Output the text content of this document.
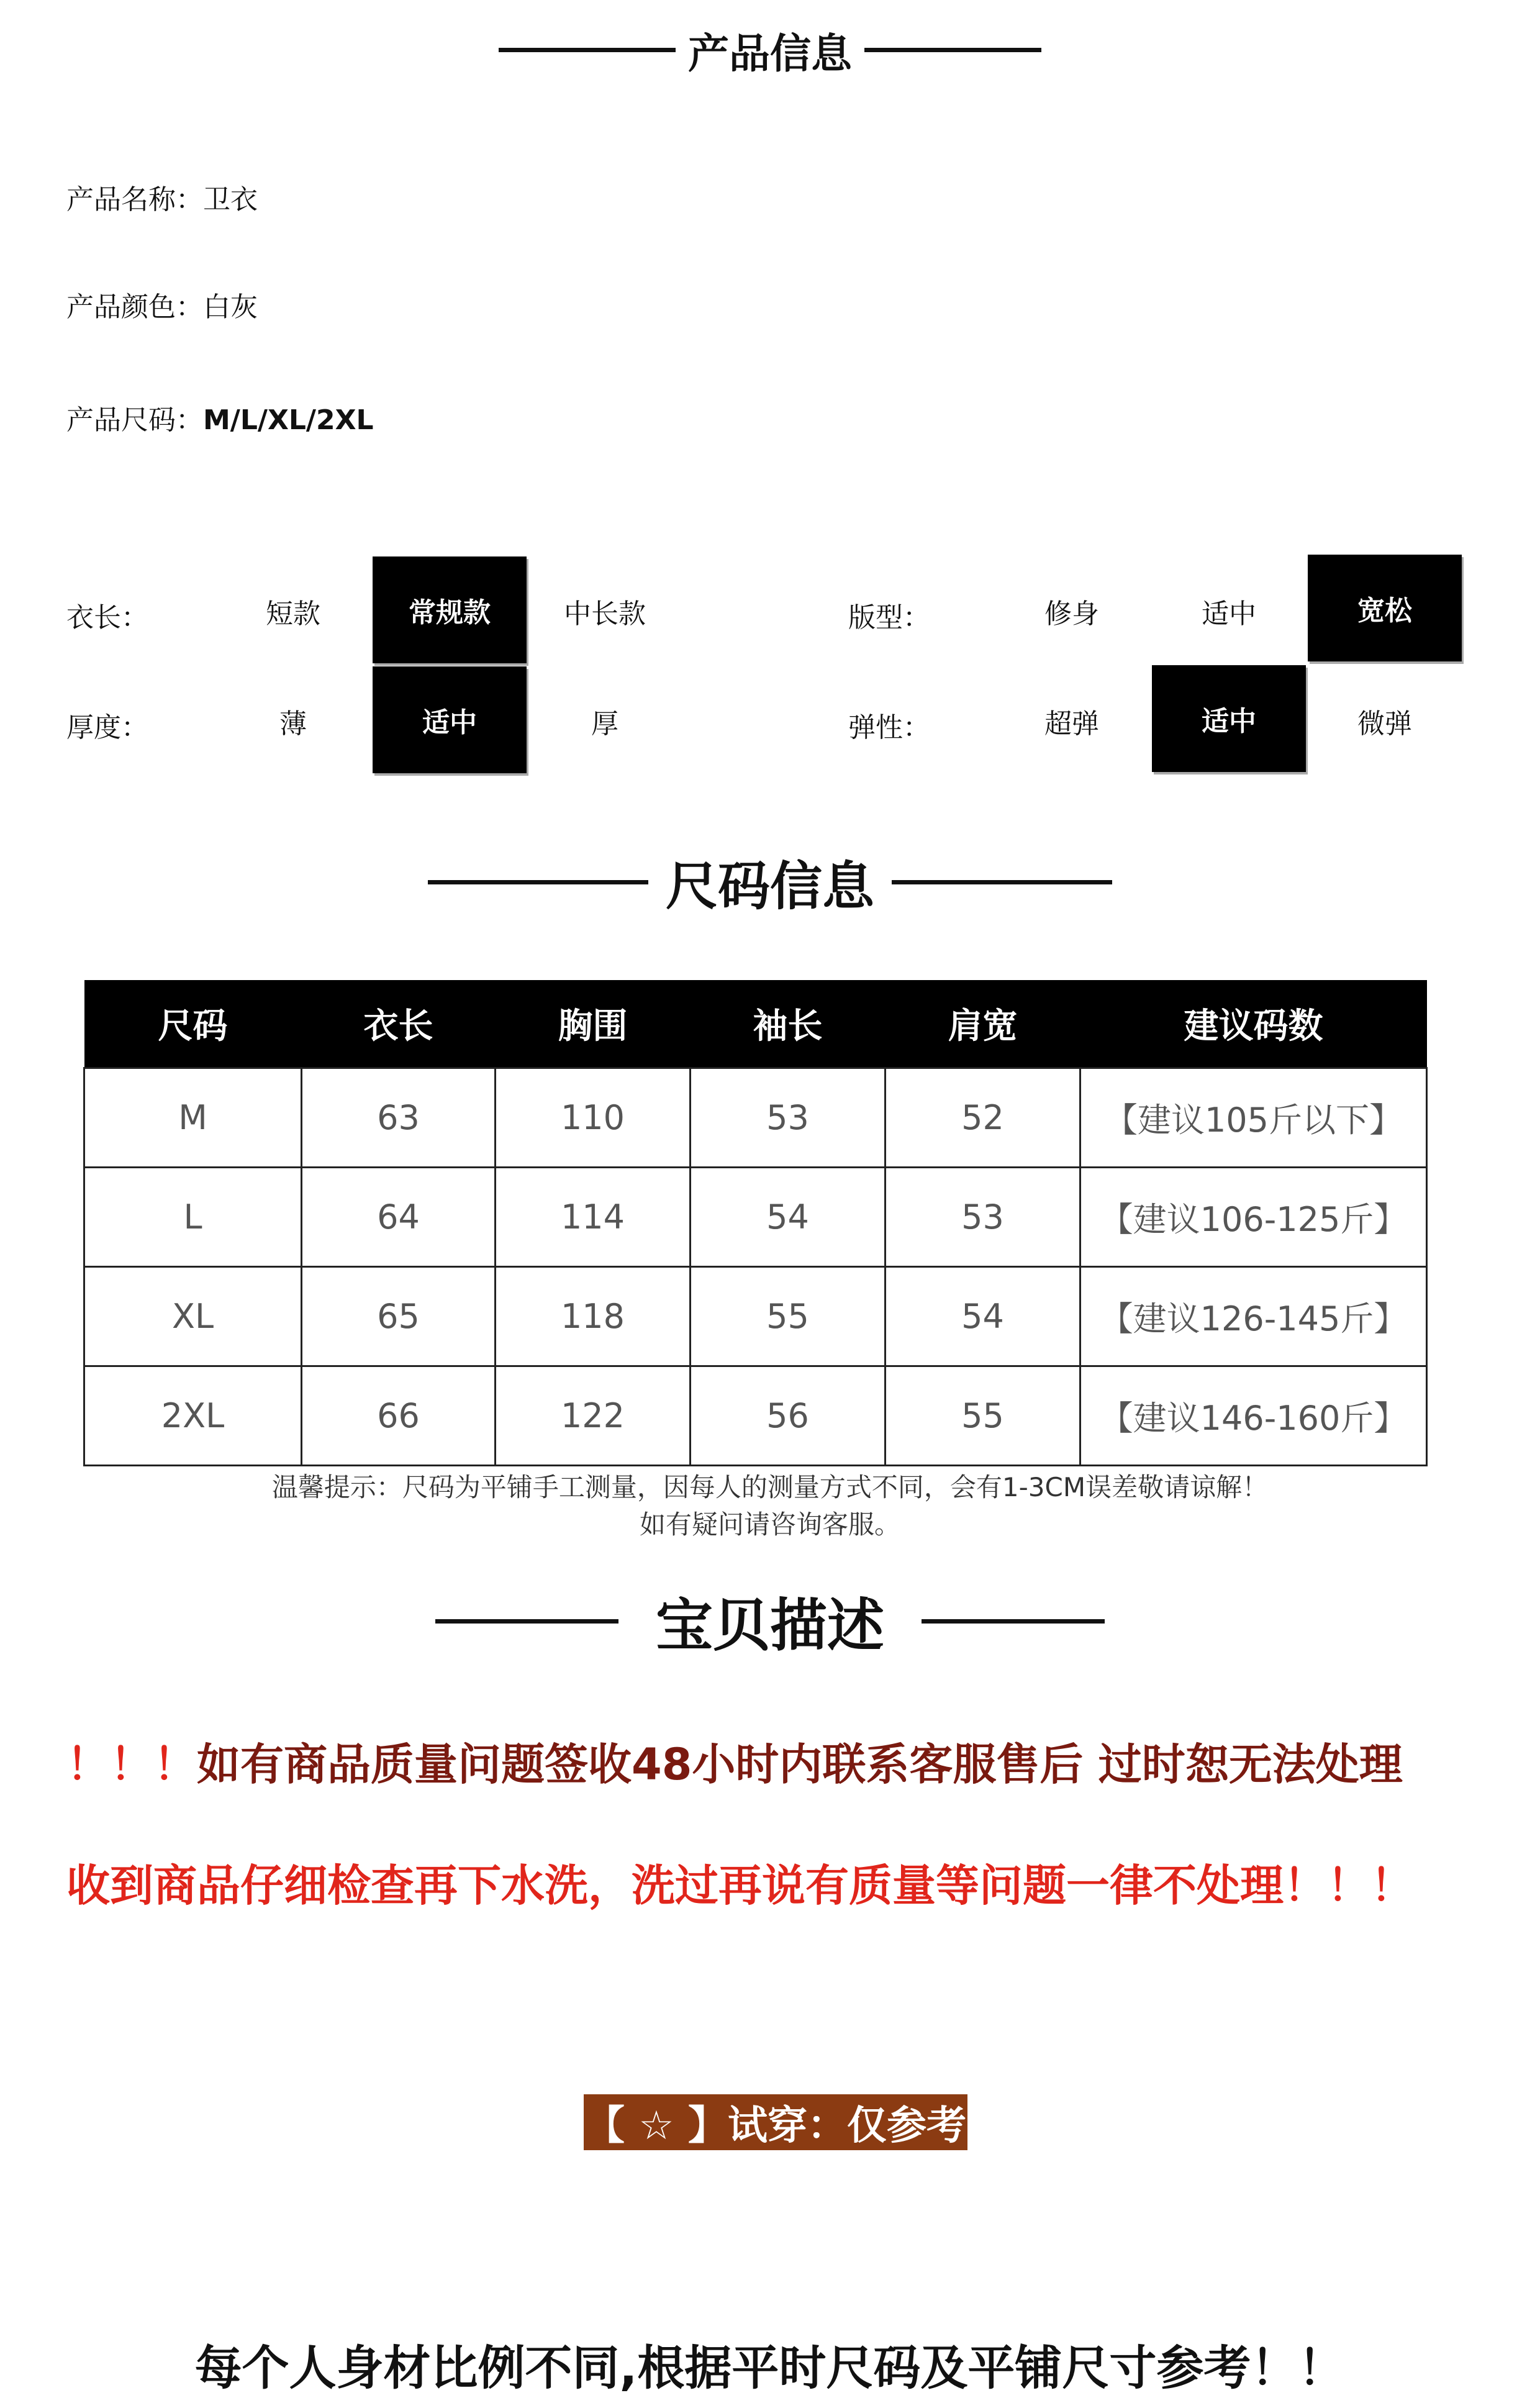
产品信息
产品名称：卫衣
产品颜色：白灰
产品尺码：M/L/XL/2XL
衣长：	短款	常规款	中长款	版型：	修身	适中	宽松
厚度：	薄	适中	厚	弹性：	超弹	适中	微弹
尺码信息
尺码	衣长	胸围	袖长	肩宽	建议码数
M	63	110	53	52	【建议105斤以下】
L	64	114	54	53	【建议106-125斤】
XL	65	118	55	54	【建议126-145斤】
2XL	66	122	56	55	【建议146-160斤】
温馨提示：尺码为平铺手工测量，因每人的测量方式不同，会有1-3CM误差敬请谅解！
如有疑问请咨询客服。
宝贝描述
！！！如有商品质量问题签收48小时内联系客服售后 过时恕无法处理
收到商品仔细检查再下水洗，洗过再说有质量等问题一律不处理！！！
【 ☆ 】试穿：仅参考
每个人身材比例不同,根据平时尺码及平铺尺寸参考！！
